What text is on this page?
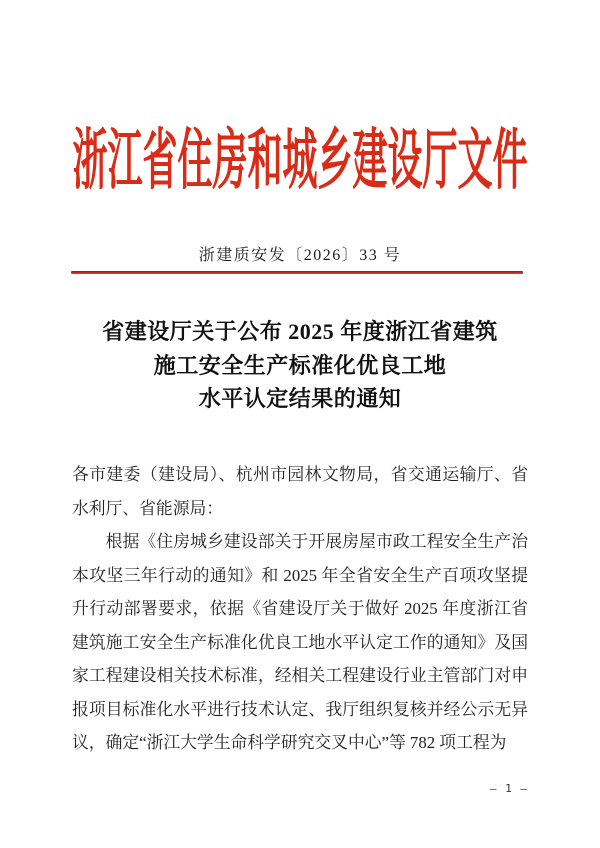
浙江省住房和城乡建设厅文件
浙建质安发〔2026〕33 号
省建设厅关于公布 2025 年度浙江省建筑
施工安全生产标准化优良工地
水平认定结果的通知

各市建委（建设局）、杭州市园林文物局，省交通运输厅、省水利厅、省能源局：

根据《住房城乡建设部关于开展房屋市政工程安全生产治本攻坚三年行动的通知》和 2025 年全省安全生产百项攻坚提升行动部署要求，依据《省建设厅关于做好 2025 年度浙江省建筑施工安全生产标准化优良工地水平认定工作的通知》及国家工程建设相关技术标准，经相关工程建设行业主管部门对申报项目标准化水平进行技术认定、我厅组织复核并经公示无异议，确定“浙江大学生命科学研究交叉中心”等 782 项工程为

— 1 —
